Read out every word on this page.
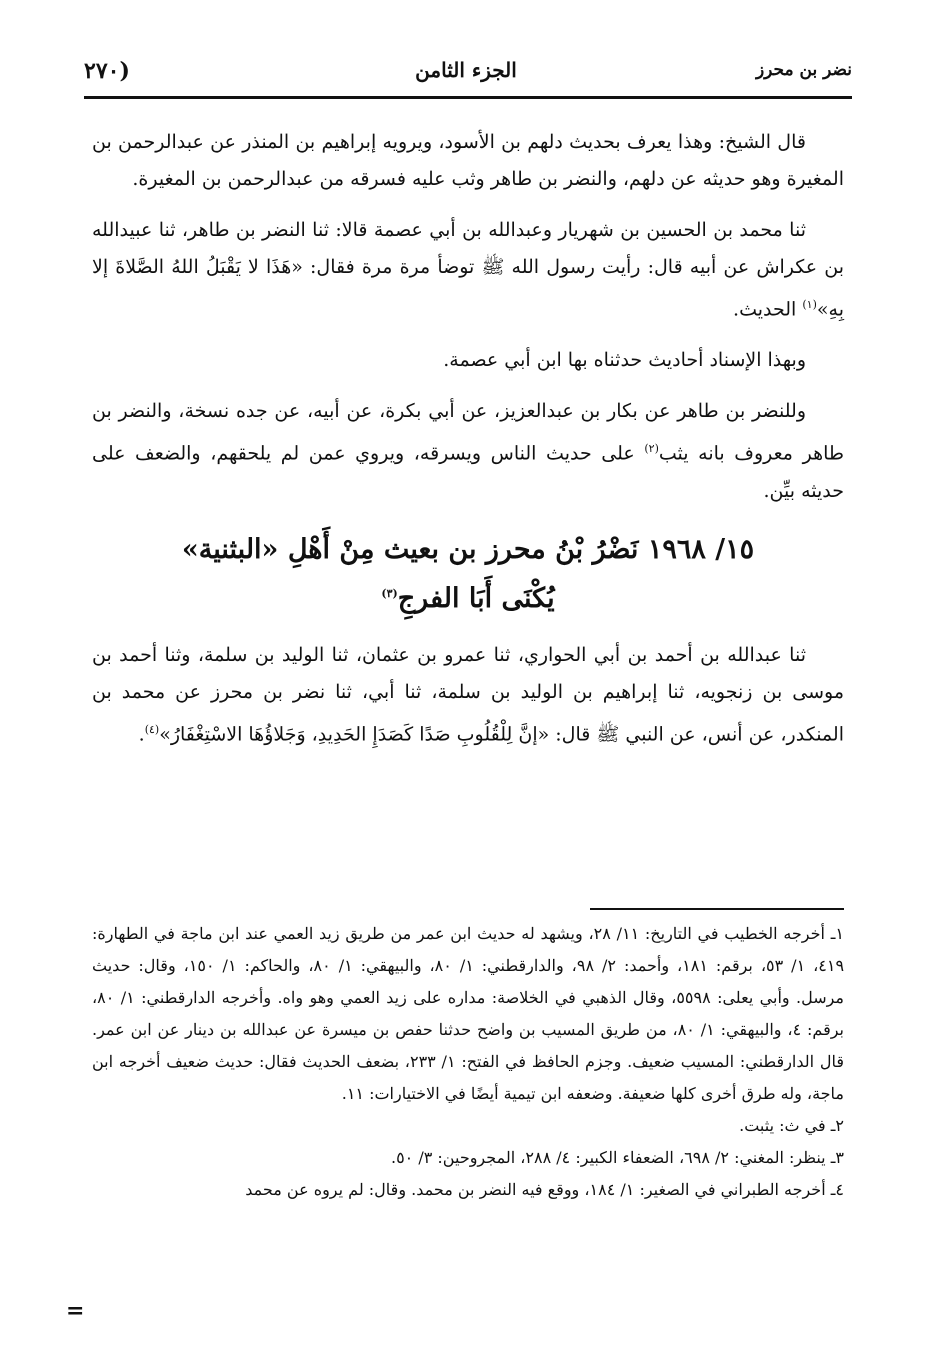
(٢٧٠	الجزء الثامن	نضر بن محرز

قال الشيخ: وهذا يعرف بحديث دلهم بن الأسود، ويرويه إبراهيم بن المنذر عن عبدالرحمن بن المغيرة وهو حديثه عن دلهم، والنضر بن طاهر وثب عليه فسرقه من عبدالرحمن بن المغيرة.

ثنا محمد بن الحسين بن شهريار وعبدالله بن أبي عصمة قالا: ثنا النضر بن طاهر، ثنا عبيدالله بن عكراش عن أبيه قال: رأيت رسول الله ﷺ توضأ مرة مرة فقال: «هَذَا لا يَقْبَلُ اللهُ الصَّلاةَ إلا بِهِ»$^{(١)}$ الحديث.

وبهذا الإسناد أحاديث حدثناه بها ابن أبي عصمة.

وللنضر بن طاهر عن بكار بن عبدالعزيز، عن أبي بكرة، عن أبيه، عن جده نسخة، والنضر بن طاهر معروف بانه يثب$^{(٢)}$ على حديث الناس ويسرقه، ويروي عمن لم يلحقهم، والضعف على حديثه بيِّن.

١٥/ ١٩٦٨ نَضْرُ بْنُ محرز بن بعيث مِنْ أَهْلِ «البثنية»
يُكْنَى أَبَا الفرجِ$^{(٣)}$

ثنا عبدالله بن أحمد بن أبي الحواري، ثنا عمرو بن عثمان، ثنا الوليد بن سلمة، وثنا أحمد بن موسى بن زنجويه، ثنا إبراهيم بن الوليد بن سلمة، ثنا أبي، ثنا نضر بن محرز عن محمد بن المنكدر، عن أنس، عن النبي ﷺ قال: «إنَّ لِلْقُلُوبِ صَدًا كَصَدَإِ الحَدِيدِ، وَجَلاؤُهَا الاسْتِغْفَارُ»$^{(٤)}$.

١ـ أخرجه الخطيب في التاريخ: ١١/ ٢٨، ويشهد له حديث ابن عمر من طريق زيد العمي عند ابن ماجة في الطهارة: ٤١٩، ١/ ٥٣، برقم: ١٨١، وأحمد: ٢/ ٩٨، والدارقطني: ١/ ٨٠، والبيهقي: ١/ ٨٠، والحاكم: ١/ ١٥٠، وقال: حديث مرسل. وأبي يعلى: ٥٥٩٨، وقال الذهبي في الخلاصة: مداره على زيد العمي وهو واه. وأخرجه الدارقطني: ١/ ٨٠، برقم: ٤، والبيهقي: ١/ ٨٠، من طريق المسيب بن واضح حدثنا حفص بن ميسرة عن عبدالله بن دينار عن ابن عمر. قال الدارقطني: المسيب ضعيف. وجزم الحافظ في الفتح: ١/ ٢٣٣، بضعف الحديث فقال: حديث ضعيف أخرجه ابن ماجة، وله طرق أخرى كلها ضعيفة. وضعفه ابن تيمية أيضًا في الاختيارات: ١١.

٢ـ في ث: يثبت.

٣ـ ينظر: المغني: ٢/ ٦٩٨، الضعفاء الكبير: ٤/ ٢٨٨، المجروحين: ٣/ ٥٠.

٤ـ أخرجه الطبراني في الصغير: ١/ ١٨٤، ووقع فيه النضر بن محمد. وقال: لم يروه عن محمد

=
